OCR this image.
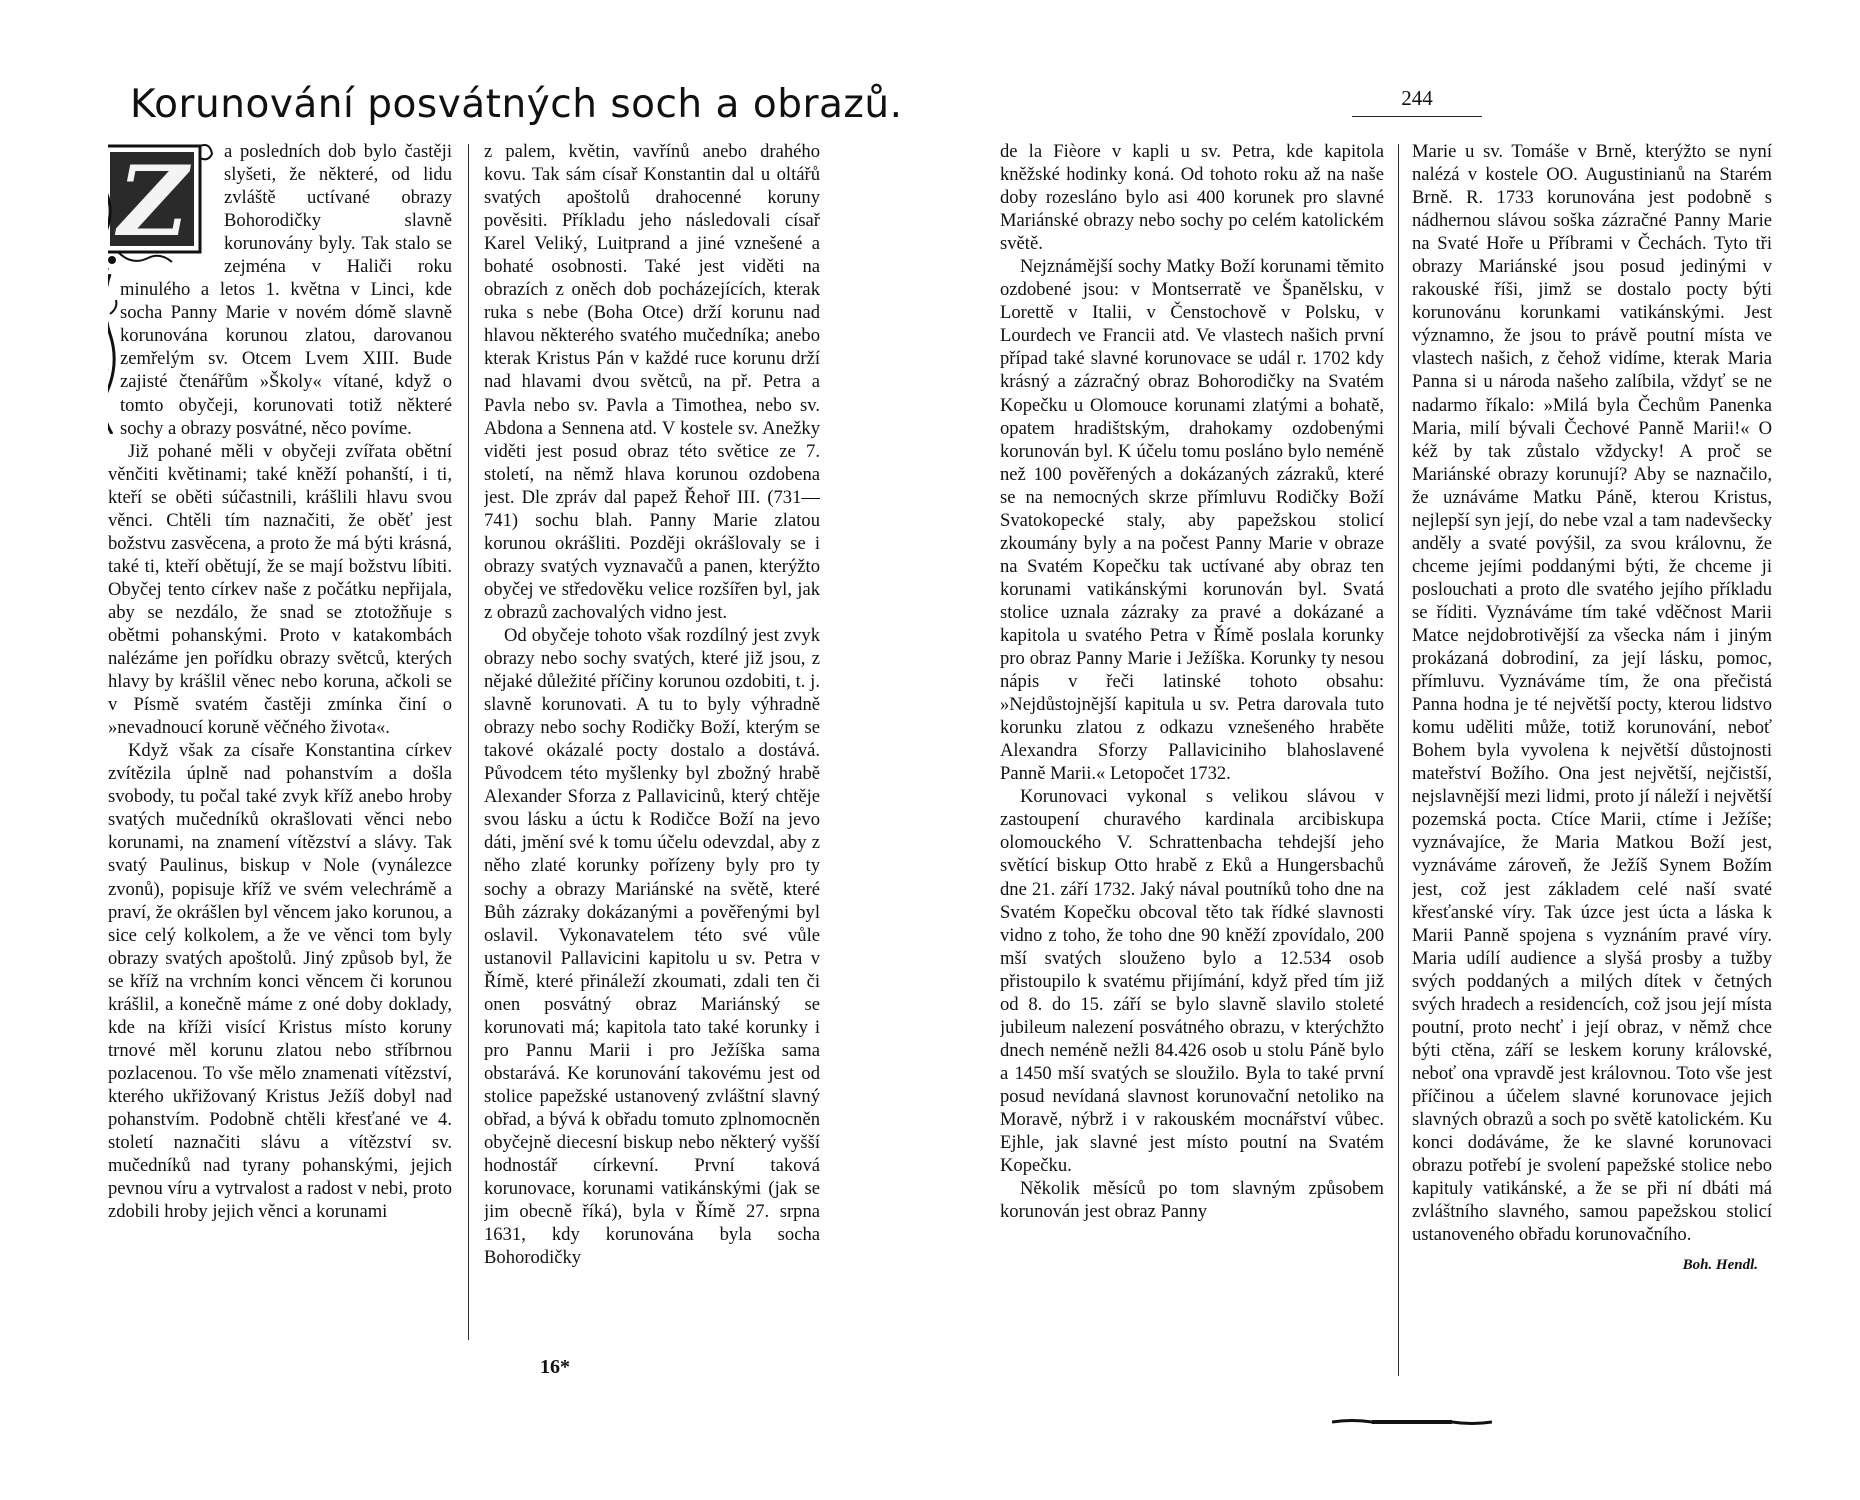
Korunování posvátných soch a obrazů.	244
Z	a posledních dob bylo častěji slyšeti, že některé, od lidu zvláště uctívané obrazy Bohorodičky slavně korunovány byly. Tak stalo se zejména v Haliči roku minulého a letos 1. května v Linci, kde socha Panny Marie v novém dómě slavně korunována korunou zlatou, darovanou zemřelým sv. Otcem Lvem XIII. Bude zajisté čtenářům »Školy« vítané, když o tomto obyčeji, korunovati totiž některé sochy a obrazy posvátné, něco povíme.

Již pohané měli v obyčeji zvířata obětní věnčiti květinami; také kněží pohanští, i ti, kteří se oběti súčastnili, krášlili hlavu svou věnci. Chtěli tím naznačiti, že oběť jest božstvu zasvěcena, a proto že má býti krásná, také ti, kteří obětují, že se mají božstvu líbiti. Obyčej tento církev naše z počátku nepřijala, aby se nezdálo, že snad se ztotožňuje s obětmi pohanskými. Proto v katakombách nalézáme jen pořídku obrazy světců, kterých hlavy by krášlil věnec nebo koruna, ačkoli se v Písmě svatém častěji zmínka činí o »nevadnoucí koruně věčného života«.

Když však za císaře Konstantina církev zvítězila úplně nad pohanstvím a došla svobody, tu počal také zvyk kříž anebo hroby svatých mučedníků okrašlovati věnci nebo korunami, na znamení vítězství a slávy. Tak svatý Paulinus, biskup v Nole (vynálezce zvonů), popisuje kříž ve svém velechrámě a praví, že okrášlen byl věncem jako korunou, a sice celý kolkolem, a že ve věnci tom byly obrazy svatých apoštolů. Jiný způsob byl, že se kříž na vrchním konci věncem či korunou krášlil, a konečně máme z oné doby doklady, kde na kříži visící Kristus místo koruny trnové měl korunu zlatou nebo stříbrnou pozlacenou. To vše mělo znamenati vítězství, kterého ukřižovaný Kristus Ježíš dobyl nad pohanstvím. Podobně chtěli křesťané ve 4. století naznačiti slávu a vítězství sv. mučedníků nad tyrany pohanskými, jejich pevnou víru a vytrvalost a radost v nebi, proto zdobili hroby jejich věnci a korunami

z palem, květin, vavřínů anebo drahého kovu. Tak sám císař Konstantin dal u oltářů svatých apoštolů drahocenné koruny pověsiti. Příkladu jeho následovali císař Karel Veliký, Luitprand a jiné vznešené a bohaté osobnosti. Také jest viděti na obrazích z oněch dob pocházejících, kterak ruka s nebe (Boha Otce) drží korunu nad hlavou některého svatého mučedníka; anebo kterak Kristus Pán v každé ruce korunu drží nad hlavami dvou světců, na př. Petra a Pavla nebo sv. Pavla a Timothea, nebo sv. Abdona a Sennena atd. V kostele sv. Anežky viděti jest posud obraz této světice ze 7. století, na němž hlava korunou ozdobena jest. Dle zpráv dal papež Řehoř III. (731—741) sochu blah. Panny Marie zlatou korunou okrášliti. Později okrášlovaly se i obrazy svatých vyznavačů a panen, kterýžto obyčej ve středověku velice rozšířen byl, jak z obrazů zachovalých vidno jest.

Od obyčeje tohoto však rozdílný jest zvyk obrazy nebo sochy svatých, které již jsou, z nějaké důležité příčiny korunou ozdobiti, t. j. slavně korunovati. A tu to byly výhradně obrazy nebo sochy Rodičky Boží, kterým se takové okázalé pocty dostalo a dostává. Původcem této myšlenky byl zbožný hrabě Alexander Sforza z Pallavicinů, který chtěje svou lásku a úctu k Rodičce Boží na jevo dáti, jmění své k tomu účelu odevzdal, aby z něho zlaté korunky pořízeny byly pro ty sochy a obrazy Mariánské na světě, které Bůh zázraky dokázanými a pověřenými byl oslavil. Vykonavatelem této své vůle ustanovil Pallavicini kapitolu u sv. Petra v Římě, které přináleží zkoumati, zdali ten či onen posvátný obraz Mariánský se korunovati má; kapitola tato také korunky i pro Pannu Marii i pro Ježíška sama obstarává. Ke korunování takovému jest od stolice papežské ustanovený zvláštní slavný obřad, a bývá k obřadu tomuto zplnomocněn obyčejně diecesní biskup nebo některý vyšší hodnostář církevní. První taková korunovace, korunami vatikánskými (jak se jim obecně říká), byla v Římě 27. srpna 1631, kdy korunována byla socha Bohorodičky

16*

de la Fièore v kapli u sv. Petra, kde kapitola kněžské hodinky koná. Od tohoto roku až na naše doby rozesláno bylo asi 400 korunek pro slavné Mariánské obrazy nebo sochy po celém katolickém světě.

Nejznámější sochy Matky Boží korunami těmito ozdobené jsou: v Montserratě ve Španělsku, v Lorettě v Italii, v Čenstochově v Polsku, v Lourdech ve Francii atd. Ve vlastech našich první případ také slavné korunovace se udál r. 1702 kdy krásný a zázračný obraz Bohorodičky na Svatém Kopečku u Olomouce korunami zlatými a bohatě, opatem hradištským, drahokamy ozdobenými korunován byl. K účelu tomu posláno bylo neméně než 100 pověřených a dokázaných zázraků, které se na nemocných skrze přímluvu Rodičky Boží Svatokopecké staly, aby papežskou stolicí zkoumány byly a na počest Panny Marie v obraze na Svatém Kopečku tak uctívané aby obraz ten korunami vatikánskými korunován byl. Svatá stolice uznala zázraky za pravé a dokázané a kapitola u svatého Petra v Římě poslala korunky pro obraz Panny Marie i Ježíška. Korunky ty nesou nápis v řeči latinské tohoto obsahu: »Nejdůstojnější kapitula u sv. Petra darovala tuto korunku zlatou z odkazu vznešeného hraběte Alexandra Sforzy Pallaviciniho blahoslavené Panně Marii.« Letopočet 1732.

Korunovaci vykonal s velikou slávou v zastoupení churavého kardinala arcibiskupa olomouckého V. Schrattenbacha tehdejší jeho světící biskup Otto hrabě z Eků a Hungersbachů dne 21. září 1732. Jaký nával poutníků toho dne na Svatém Kopečku obcoval těto tak řídké slavnosti vidno z toho, že toho dne 90 kněží zpovídalo, 200 mší svatých slouženo bylo a 12.534 osob přistoupilo k svatému přijímání, když před tím již od 8. do 15. září se bylo slavně slavilo stoleté jubileum nalezení posvátného obrazu, v kterýchžto dnech neméně nežli 84.426 osob u stolu Páně bylo a 1450 mší svatých se sloužilo. Byla to také první posud nevídaná slavnost korunovační netoliko na Moravě, nýbrž i v rakouském mocnářství vůbec. Ejhle, jak slavné jest místo poutní na Svatém Kopečku.

Několik měsíců po tom slavným způsobem korunován jest obraz Panny

Marie u sv. Tomáše v Brně, kterýžto se nyní nalézá v kostele OO. Augustinianů na Starém Brně. R. 1733 korunována jest podobně s nádhernou slávou soška zázračné Panny Marie na Svaté Hoře u Příbrami v Čechách. Tyto tři obrazy Mariánské jsou posud jedinými v rakouské říši, jimž se dostalo pocty býti korunovánu korunkami vatikánskými. Jest významno, že jsou to právě poutní místa ve vlastech našich, z čehož vidíme, kterak Maria Panna si u národa našeho zalíbila, vždyť se ne nadarmo říkalo: »Milá byla Čechům Panenka Maria, milí bývali Čechové Panně Marii!« O kéž by tak zůstalo vždycky! A proč se Mariánské obrazy korunují? Aby se naznačilo, že uznáváme Matku Páně, kterou Kristus, nejlepší syn její, do nebe vzal a tam nadevšecky anděly a svaté povýšil, za svou královnu, že chceme jejími poddanými býti, že chceme ji poslouchati a proto dle svatého jejího příkladu se říditi. Vyznáváme tím také vděčnost Marii Matce nejdobrotivější za všecka nám i jiným prokázaná dobrodiní, za její lásku, pomoc, přímluvu. Vyznáváme tím, že ona přečistá Panna hodna je té největší pocty, kterou lidstvo komu uděliti může, totiž korunování, neboť Bohem byla vyvolena k největší důstojnosti mateřství Božího. Ona jest největší, nejčistší, nejslavnější mezi lidmi, proto jí náleží i největší pozemská pocta. Ctíce Marii, ctíme i Ježíše; vyznávajíce, že Maria Matkou Boží jest, vyznáváme zároveň, že Ježíš Synem Božím jest, což jest základem celé naší svaté křesťanské víry. Tak úzce jest úcta a láska k Marii Panně spojena s vyznáním pravé víry. Maria udílí audience a slyšá prosby a tužby svých poddaných a milých dítek v četných svých hradech a residencích, což jsou její místa poutní, proto nechť i její obraz, v němž chce býti ctěna, září se leskem koruny královské, neboť ona vpravdě jest královnou. Toto vše jest příčinou a účelem slavné korunovace jejich slavných obrazů a soch po světě katolickém. Ku konci dodáváme, že ke slavné korunovaci obrazu potřebí je svolení papežské stolice nebo kapituly vatikánské, a že se při ní dbáti má zvláštního slavného, samou papežskou stolicí ustanoveného obřadu korunovačního.

Boh. Hendl.
